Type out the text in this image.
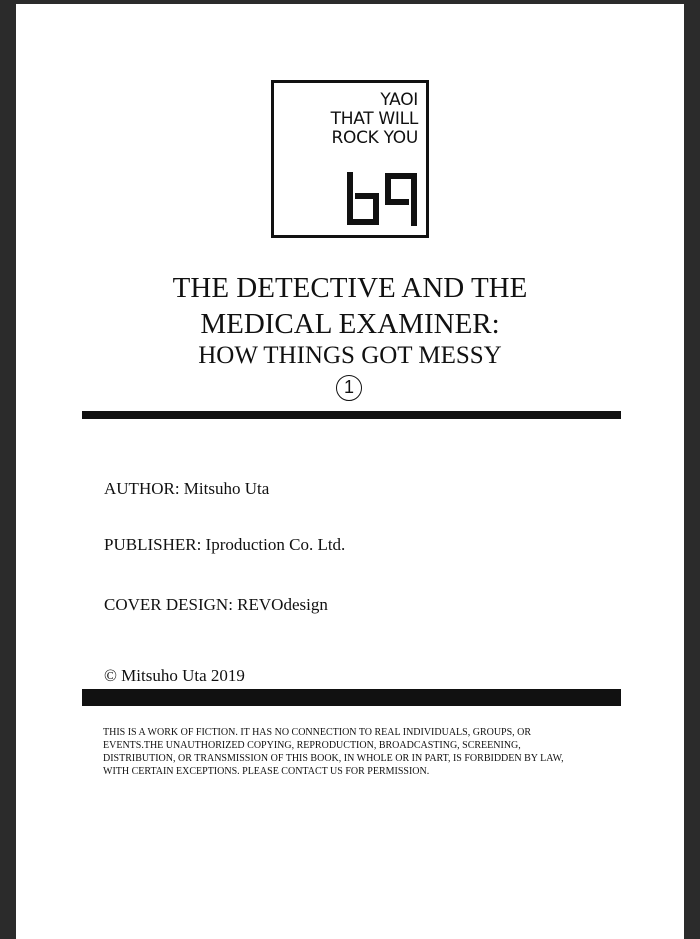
YAOI
THAT WILL
ROCK YOU
THE DETECTIVE AND THE
MEDICAL EXAMINER:
HOW THINGS GOT MESSY
1
AUTHOR: Mitsuho Uta
PUBLISHER: Iproduction Co. Ltd.
COVER DESIGN: REVOdesign
© Mitsuho Uta 2019
THIS IS A WORK OF FICTION. IT HAS NO CONNECTION TO REAL INDIVIDUALS, GROUPS, OR EVENTS.THE UNAUTHORIZED COPYING, REPRODUCTION, BROADCASTING, SCREENING, DISTRIBUTION, OR TRANSMISSION OF THIS BOOK, IN WHOLE OR IN PART, IS FORBIDDEN BY LAW, WITH CERTAIN EXCEPTIONS. PLEASE CONTACT US FOR PERMISSION.
